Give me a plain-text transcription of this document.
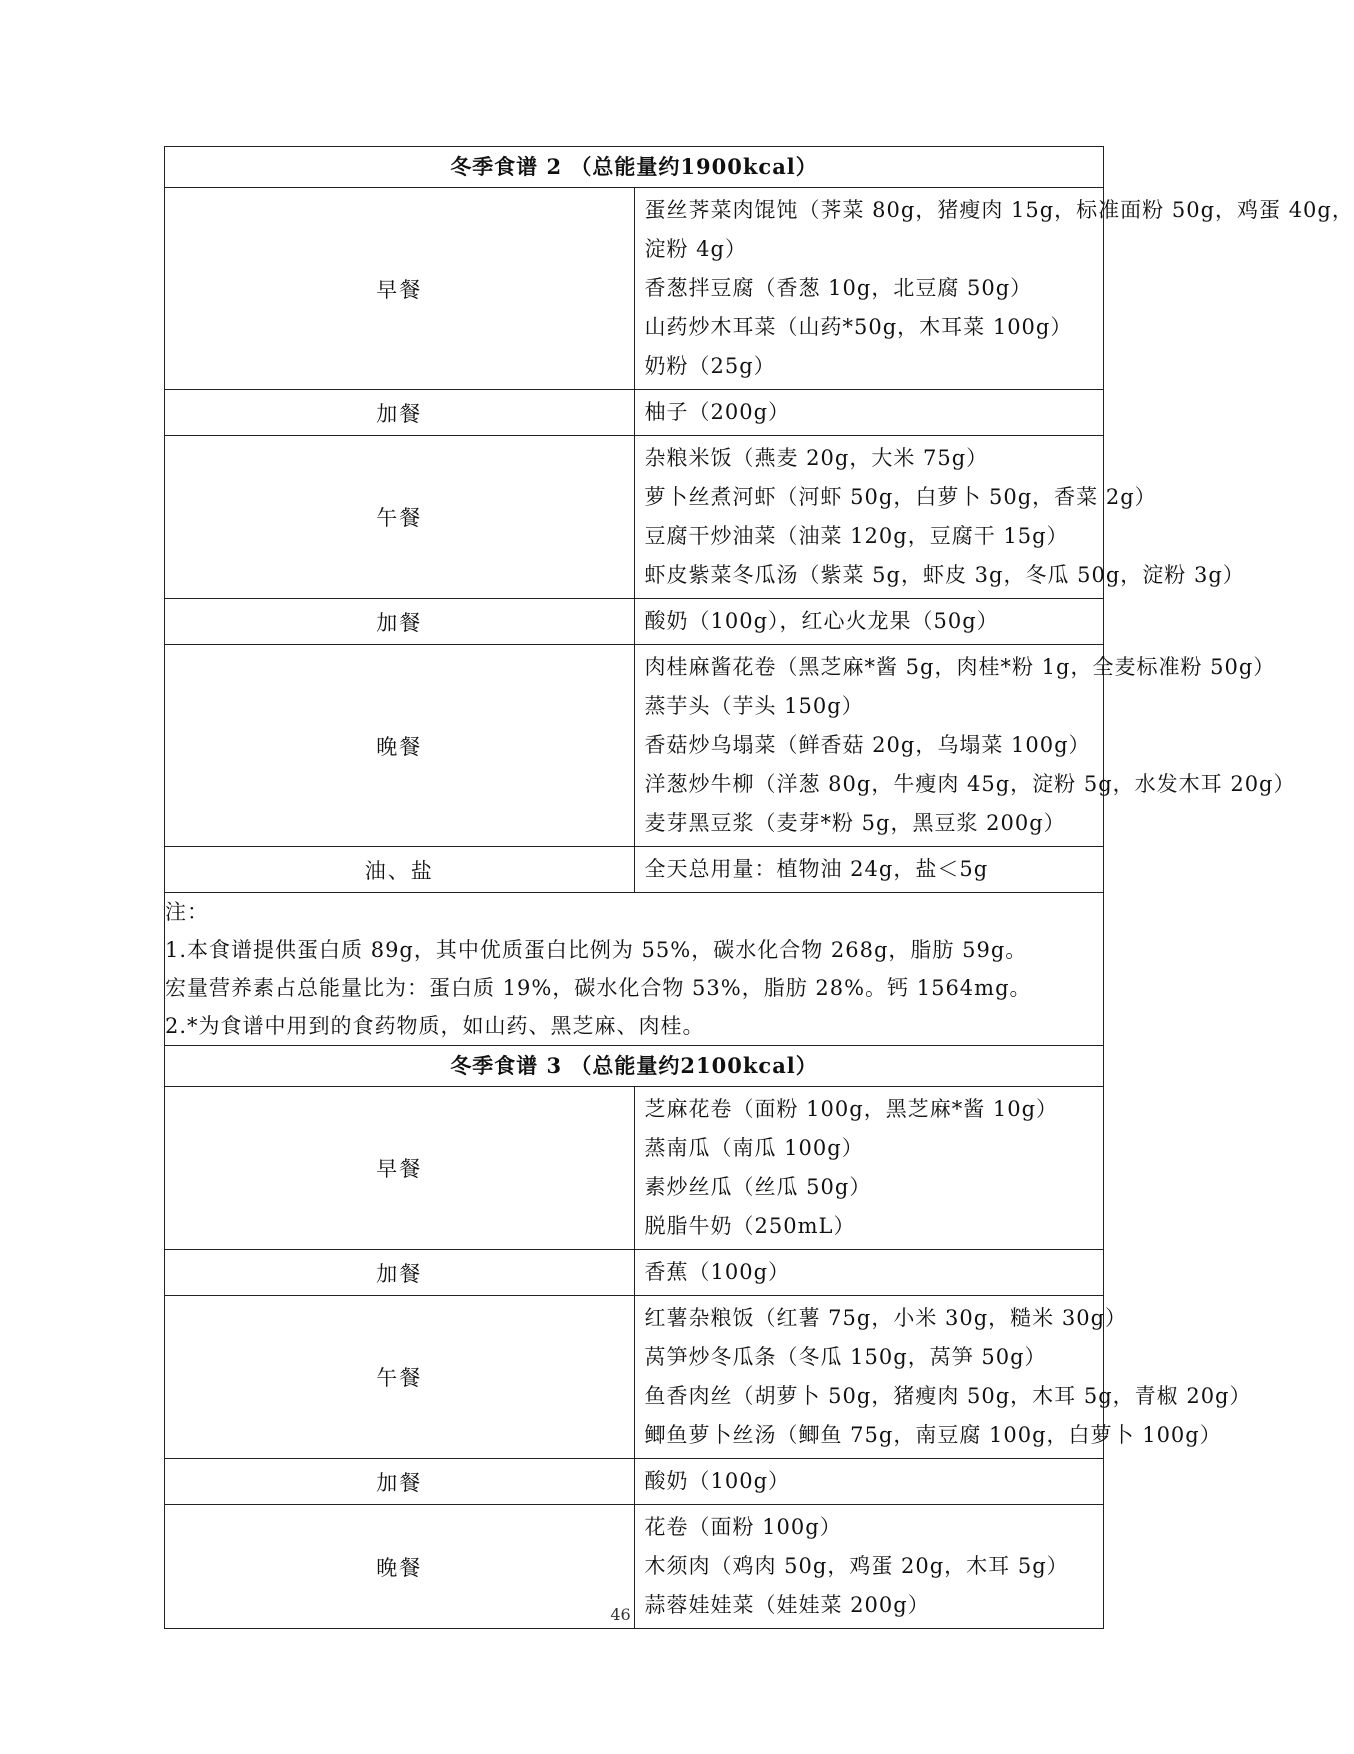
冬季食谱 2 （总能量约1900kcal）	
早餐	蛋丝荠菜肉馄饨（荠菜 80g，猪瘦肉 15g，标准面粉 50g，鸡蛋 40g，
淀粉 4g）
香葱拌豆腐（香葱 10g，北豆腐 50g）
山药炒木耳菜（山药*50g，木耳菜 100g）
奶粉（25g）

加餐	柚子（200g）

午餐	杂粮米饭（燕麦 20g，大米 75g）
萝卜丝煮河虾（河虾 50g，白萝卜 50g，香菜 2g）
豆腐干炒油菜（油菜 120g，豆腐干 15g）
虾皮紫菜冬瓜汤（紫菜 5g，虾皮 3g，冬瓜 50g，淀粉 3g）

加餐	酸奶（100g），红心火龙果（50g）

晚餐	肉桂麻酱花卷（黑芝麻*酱 5g，肉桂*粉 1g，全麦标准粉 50g）
蒸芋头（芋头 150g）
香菇炒乌塌菜（鲜香菇 20g，乌塌菜 100g）
洋葱炒牛柳（洋葱 80g，牛瘦肉 45g，淀粉 5g，水发木耳 20g）
麦芽黑豆浆（麦芽*粉 5g，黑豆浆 200g）

油、盐	全天总用量：植物油 24g，盐＜5g

注：
1.本食谱提供蛋白质 89g，其中优质蛋白比例为 55%，碳水化合物 268g，脂肪 59g。
宏量营养素占总能量比为：蛋白质 19%，碳水化合物 53%，脂肪 28%。钙 1564mg。
2.*为食谱中用到的食药物质，如山药、黑芝麻、肉桂。	

冬季食谱 3 （总能量约2100kcal）	
早餐	芝麻花卷（面粉 100g，黑芝麻*酱 10g）
蒸南瓜（南瓜 100g）
素炒丝瓜（丝瓜 50g）
脱脂牛奶（250mL）

加餐	香蕉（100g）

午餐	红薯杂粮饭（红薯 75g，小米 30g，糙米 30g）
莴笋炒冬瓜条（冬瓜 150g，莴笋 50g）
鱼香肉丝（胡萝卜 50g，猪瘦肉 50g，木耳 5g，青椒 20g）
鲫鱼萝卜丝汤（鲫鱼 75g，南豆腐 100g，白萝卜 100g）

加餐	酸奶（100g）

晚餐	花卷（面粉 100g）
木须肉（鸡肉 50g，鸡蛋 20g，木耳 5g）
蒜蓉娃娃菜（娃娃菜 200g）
46
